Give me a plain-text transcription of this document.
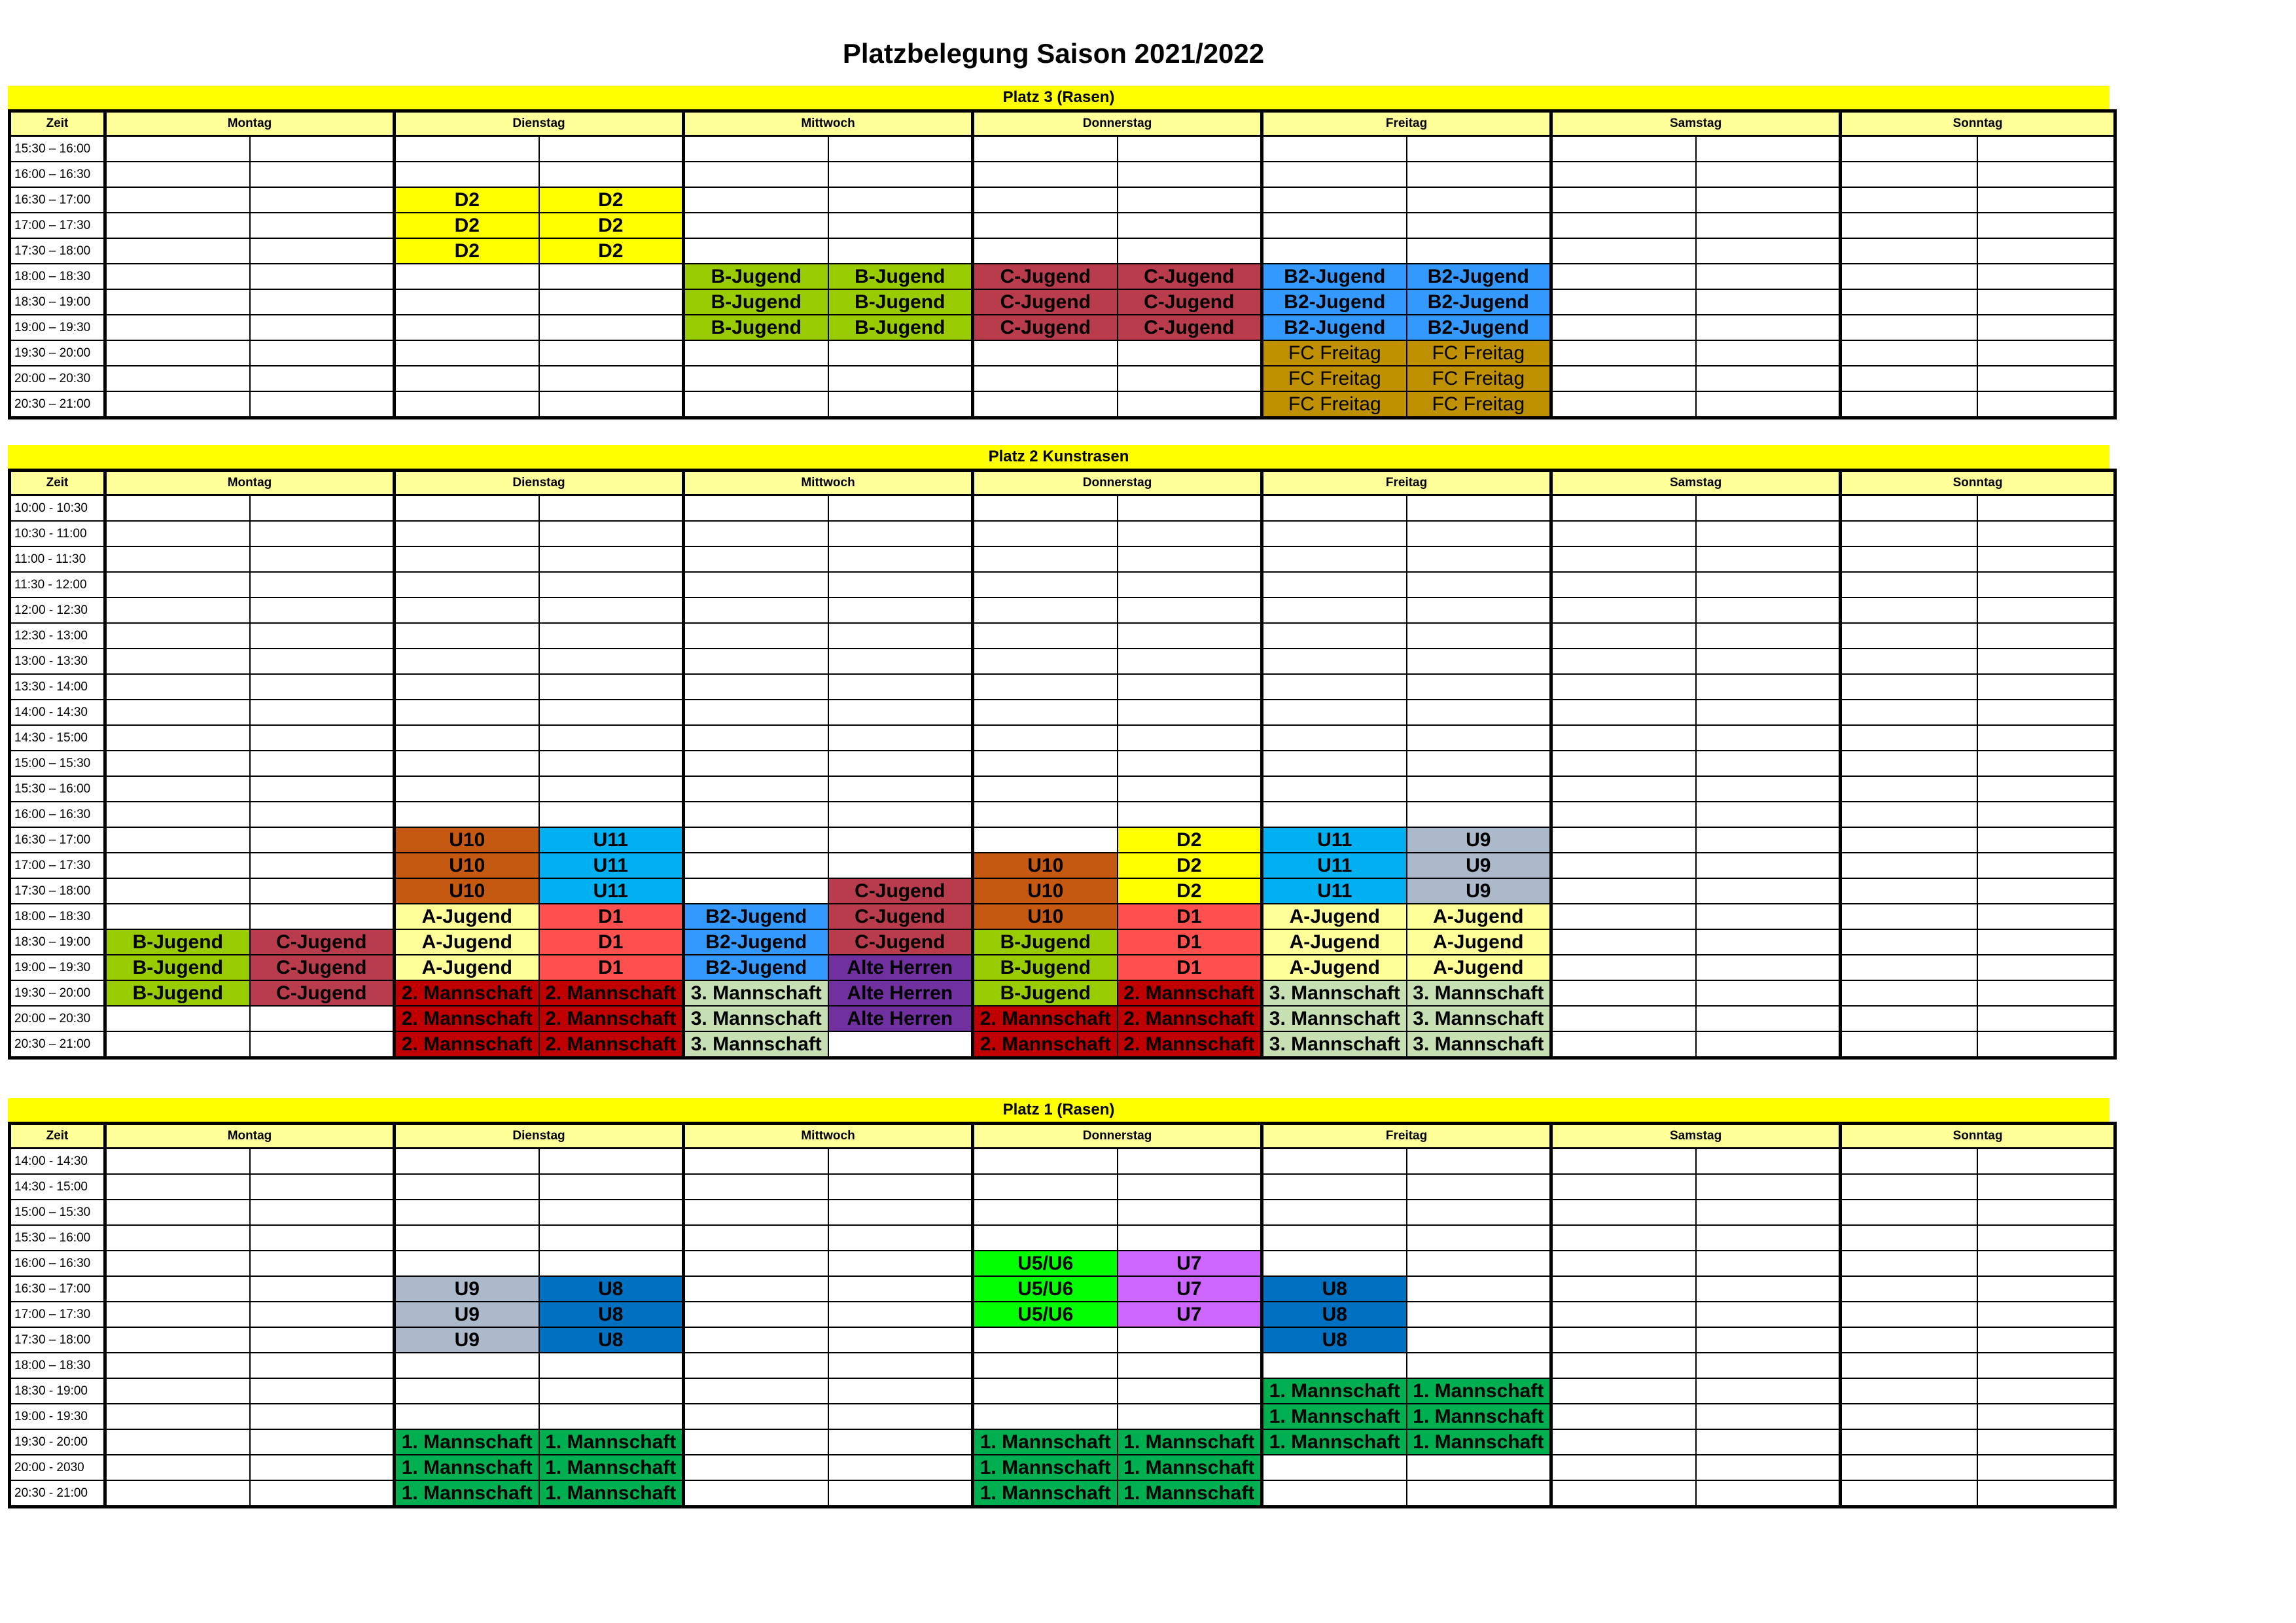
Platzbelegung Saison 2021/2022
Platz 3 (Rasen)
Zeit	Montag		Dienstag		Mittwoch		Donnerstag		Freitag		Samstag		Sonntag	
15:30 – 16:00														
16:00 – 16:30														
16:30 – 17:00			D2	D2										
17:00 – 17:30			D2	D2										
17:30 – 18:00			D2	D2										
18:00 – 18:30					B-Jugend	B-Jugend	C-Jugend	C-Jugend	B2-Jugend	B2-Jugend				
18:30 – 19:00					B-Jugend	B-Jugend	C-Jugend	C-Jugend	B2-Jugend	B2-Jugend				
19:00 – 19:30					B-Jugend	B-Jugend	C-Jugend	C-Jugend	B2-Jugend	B2-Jugend				
19:30 – 20:00									FC Freitag	FC Freitag				
20:00 – 20:30									FC Freitag	FC Freitag				
20:30 – 21:00									FC Freitag	FC Freitag				
Platz 2 Kunstrasen
Zeit	Montag		Dienstag		Mittwoch		Donnerstag		Freitag		Samstag		Sonntag	
10:00 - 10:30														
10:30 - 11:00														
11:00 - 11:30														
11:30 - 12:00														
12:00 - 12:30														
12:30 - 13:00														
13:00 - 13:30														
13:30 - 14:00														
14:00 - 14:30														
14:30 - 15:00														
15:00 – 15:30														
15:30 – 16:00														
16:00 – 16:30														
16:30 – 17:00			U10	U11				D2	U11	U9				
17:00 – 17:30			U10	U11			U10	D2	U11	U9				
17:30 – 18:00			U10	U11		C-Jugend	U10	D2	U11	U9				
18:00 – 18:30			A-Jugend	D1	B2-Jugend	C-Jugend	U10	D1	A-Jugend	A-Jugend				
18:30 – 19:00	B-Jugend	C-Jugend	A-Jugend	D1	B2-Jugend	C-Jugend	B-Jugend	D1	A-Jugend	A-Jugend				
19:00 – 19:30	B-Jugend	C-Jugend	A-Jugend	D1	B2-Jugend	Alte Herren	B-Jugend	D1	A-Jugend	A-Jugend				
19:30 – 20:00	B-Jugend	C-Jugend	2. Mannschaft	2. Mannschaft	3. Mannschaft	Alte Herren	B-Jugend	2. Mannschaft	3. Mannschaft	3. Mannschaft				
20:00 – 20:30			2. Mannschaft	2. Mannschaft	3. Mannschaft	Alte Herren	2. Mannschaft	2. Mannschaft	3. Mannschaft	3. Mannschaft				
20:30 – 21:00			2. Mannschaft	2. Mannschaft	3. Mannschaft		2. Mannschaft	2. Mannschaft	3. Mannschaft	3. Mannschaft				
Platz 1 (Rasen)
Zeit	Montag		Dienstag		Mittwoch		Donnerstag		Freitag		Samstag		Sonntag	
14:00 - 14:30														
14:30 - 15:00														
15:00 – 15:30														
15:30 – 16:00														
16:00 – 16:30							U5/U6	U7						
16:30 – 17:00			U9	U8			U5/U6	U7	U8					
17:00 – 17:30			U9	U8			U5/U6	U7	U8					
17:30 – 18:00			U9	U8					U8					
18:00 – 18:30														
18:30 - 19:00									1. Mannschaft	1. Mannschaft				
19:00 - 19:30									1. Mannschaft	1. Mannschaft				
19:30 - 20:00			1. Mannschaft	1. Mannschaft			1. Mannschaft	1. Mannschaft	1. Mannschaft	1. Mannschaft				
20:00 - 2030			1. Mannschaft	1. Mannschaft			1. Mannschaft	1. Mannschaft						
20:30 - 21:00			1. Mannschaft	1. Mannschaft			1. Mannschaft	1. Mannschaft						
